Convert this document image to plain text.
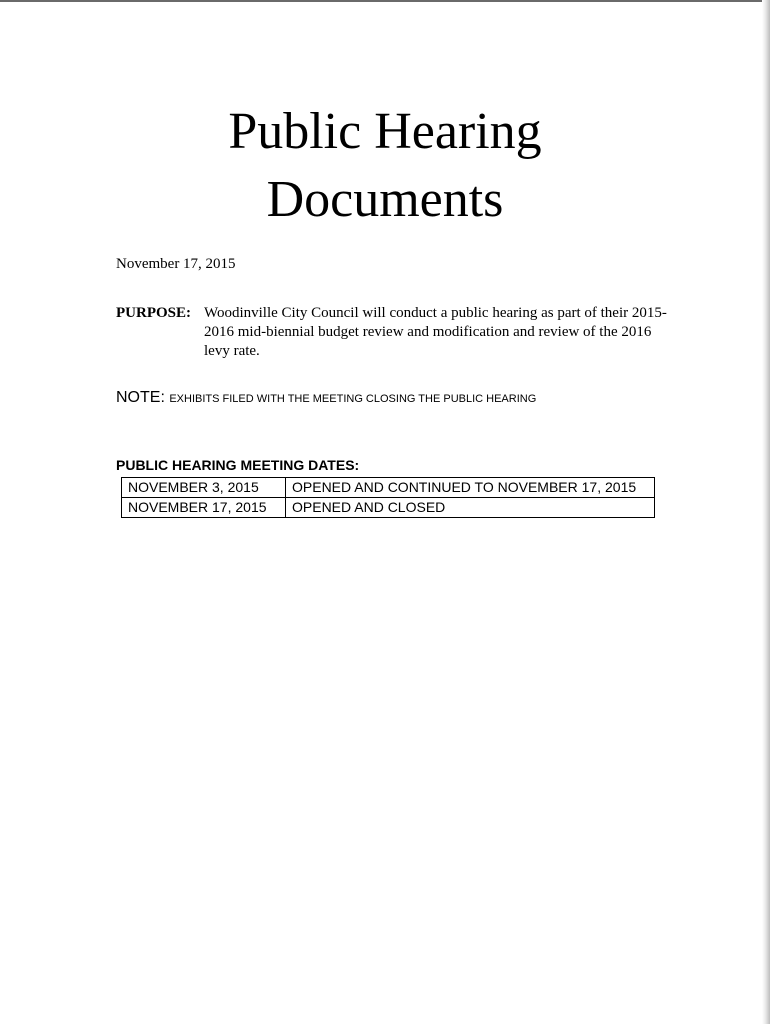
Public Hearing
Documents
November 17, 2015
PURPOSE: Woodinville City Council will conduct a public hearing as part of their 2015-2016 mid-biennial budget review and modification and review of the 2016 levy rate.
NOTE: EXHIBITS FILED WITH THE MEETING CLOSING THE PUBLIC HEARING
PUBLIC HEARING MEETING DATES:
NOVEMBER 3, 2015	OPENED AND CONTINUED TO NOVEMBER 17, 2015
NOVEMBER 17, 2015	OPENED AND CLOSED
